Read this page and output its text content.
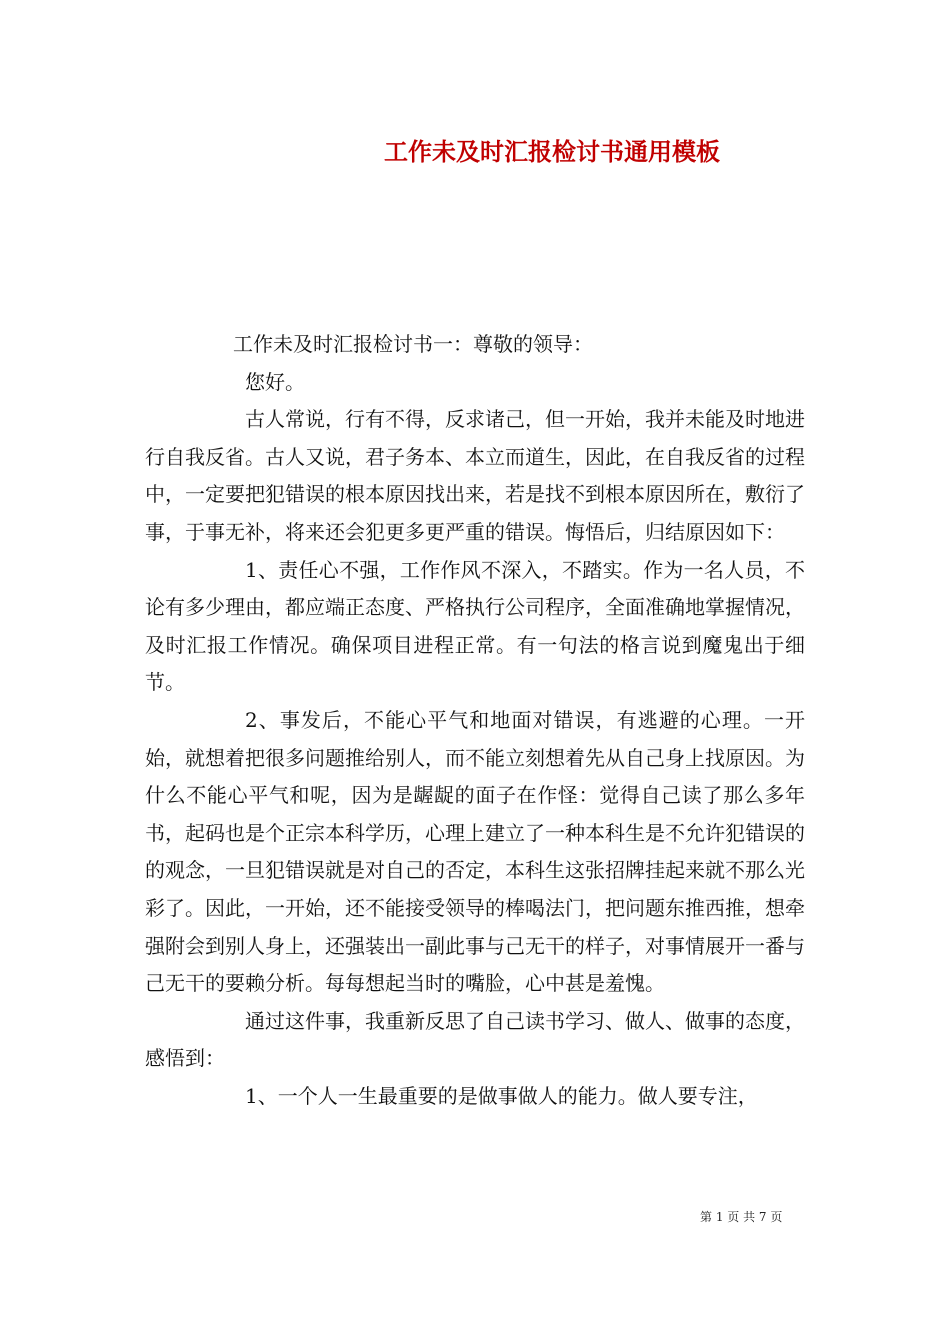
工作未及时汇报检讨书通用模板

工作未及时汇报检讨书一：尊敬的领导：

您好。

古人常说，行有不得，反求诸己，但一开始，我并未能及时地进行自我反省。古人又说，君子务本、本立而道生，因此，在自我反省的过程中，一定要把犯错误的根本原因找出来，若是找不到根本原因所在，敷衍了事，于事无补，将来还会犯更多更严重的错误。悔悟后，归结原因如下：

1、责任心不强，工作作风不深入，不踏实。作为一名人员，不论有多少理由，都应端正态度、严格执行公司程序，全面准确地掌握情况，及时汇报工作情况。确保项目进程正常。有一句法的格言说到魔鬼出于细节。

2、事发后，不能心平气和地面对错误，有逃避的心理。一开始，就想着把很多问题推给别人，而不能立刻想着先从自己身上找原因。为什么不能心平气和呢，因为是龌龊的面子在作怪：觉得自己读了那么多年书，起码也是个正宗本科学历，心理上建立了一种本科生是不允许犯错误的的观念，一旦犯错误就是对自己的否定，本科生这张招牌挂起来就不那么光彩了。因此，一开始，还不能接受领导的棒喝法门，把问题东推西推，想牵强附会到别人身上，还强装出一副此事与己无干的样子，对事情展开一番与己无干的要赖分析。每每想起当时的嘴脸，心中甚是羞愧。

通过这件事，我重新反思了自己读书学习、做人、做事的态度，感悟到：

1、一个人一生最重要的是做事做人的能力。做人要专注，

第 1 页 共 7 页
